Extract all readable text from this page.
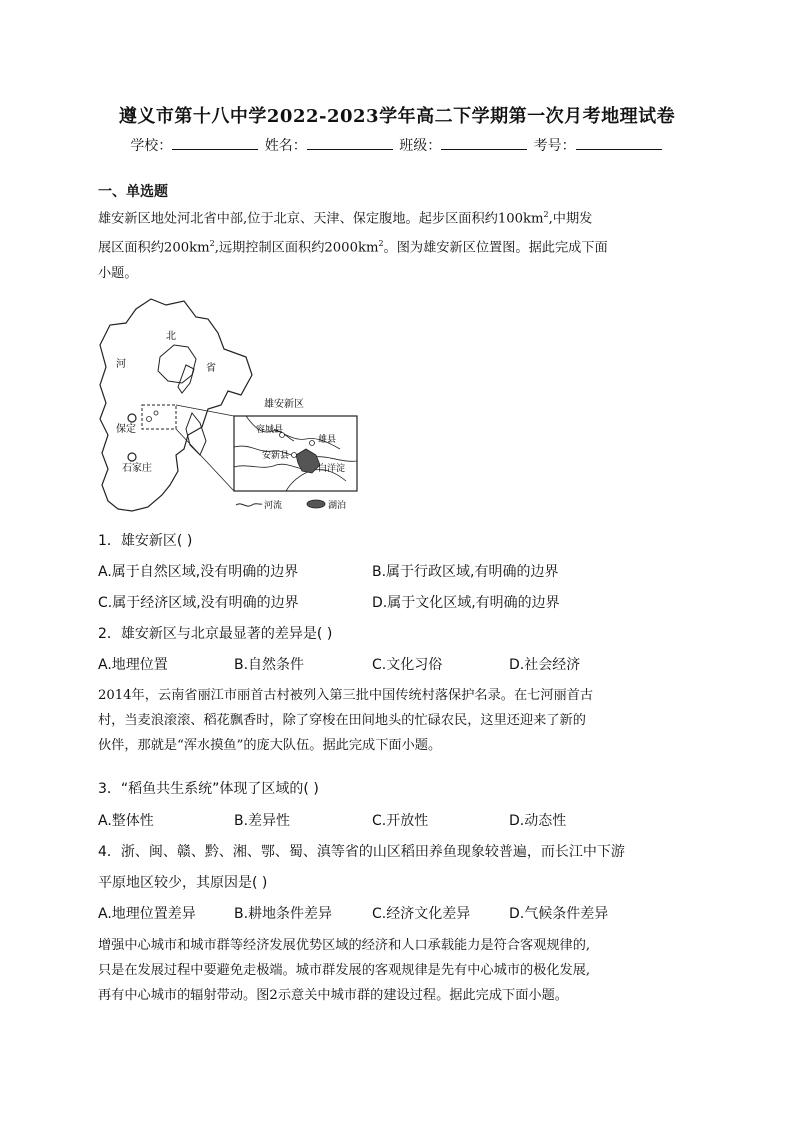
遵义市第十八中学2022-2023学年高二下学期第一次月考地理试卷
学校：	姓名：	班级：	考号：
一、单选题
雄安新区地处河北省中部,位于北京、天津、保定腹地。起步区面积约$100km^2$,中期发
展区面积约$200km^2$,远期控制区面积约$2000km^2$。图为雄安新区位置图。据此完成下面
小题。
北
河	省
保定
石家庄
雄安新区
容城县
雄县
安新县
白洋淀
河流	湖泊
1．雄安新区( )
A.属于自然区域,没有明确的边界	B.属于行政区域,有明确的边界
C.属于经济区域,没有明确的边界	D.属于文化区域,有明确的边界
2．雄安新区与北京最显著的差异是( )
A.地理位置	B.自然条件	C.文化习俗	D.社会经济
2014年，云南省丽江市丽首古村被列入第三批中国传统村落保护名录。在七河丽首古
村，当麦浪滚滚、稻花飘香时，除了穿梭在田间地头的忙碌农民，这里还迎来了新的
伙伴，那就是“浑水摸鱼”的庞大队伍。据此完成下面小题。
3．“稻鱼共生系统”体现了区域的( )
A.整体性	B.差异性	C.开放性	D.动态性
4．浙、闽、赣、黔、湘、鄂、蜀、滇等省的山区稻田养鱼现象较普遍，而长江中下游
平原地区较少，其原因是( )
A.地理位置差异	B.耕地条件差异	C.经济文化差异	D.气候条件差异
增强中心城市和城市群等经济发展优势区域的经济和人口承载能力是符合客观规律的,
只是在发展过程中要避免走极端。城市群发展的客观规律是先有中心城市的极化发展,
再有中心城市的辐射带动。图2示意关中城市群的建设过程。据此完成下面小题。
